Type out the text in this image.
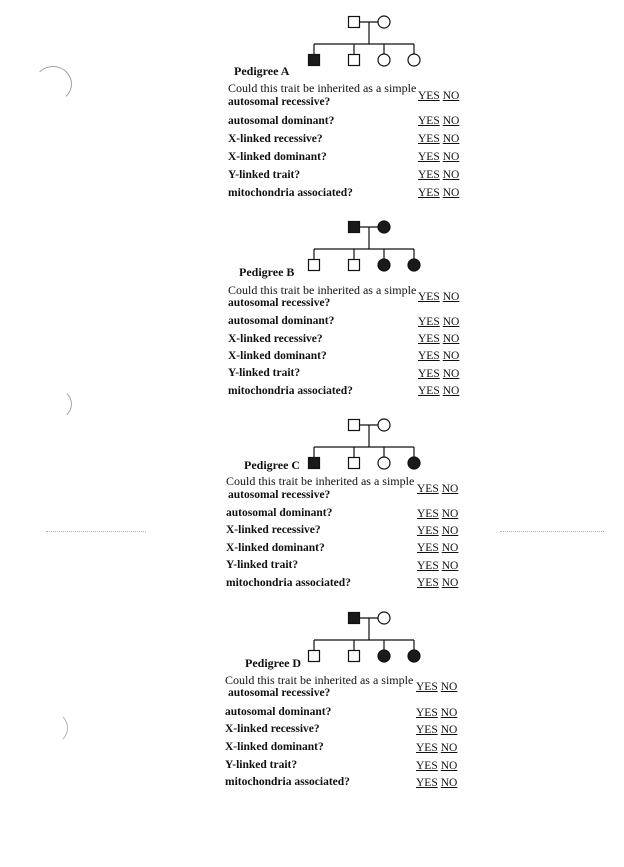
Pedigree A
Could this trait be inherited as a simple
autosomal recessive?
autosomal dominant?
X-linked recessive?
X-linked dominant?
Y-linked trait?
mitochondria associated?
YES NO
YES NO
YES NO
YES NO
YES NO
YES NO
Pedigree B
Could this trait be inherited as a simple
autosomal recessive?
autosomal dominant?
X-linked recessive?
X-linked dominant?
Y-linked trait?
mitochondria associated?
YES NO
YES NO
YES NO
YES NO
YES NO
YES NO
Pedigree C
Could this trait be inherited as a simple
autosomal recessive?
autosomal dominant?
X-linked recessive?
X-linked dominant?
Y-linked trait?
mitochondria associated?
YES NO
YES NO
YES NO
YES NO
YES NO
YES NO
Pedigree D
Could this trait be inherited as a simple
autosomal recessive?
autosomal dominant?
X-linked recessive?
X-linked dominant?
Y-linked trait?
mitochondria associated?
YES NO
YES NO
YES NO
YES NO
YES NO
YES NO
